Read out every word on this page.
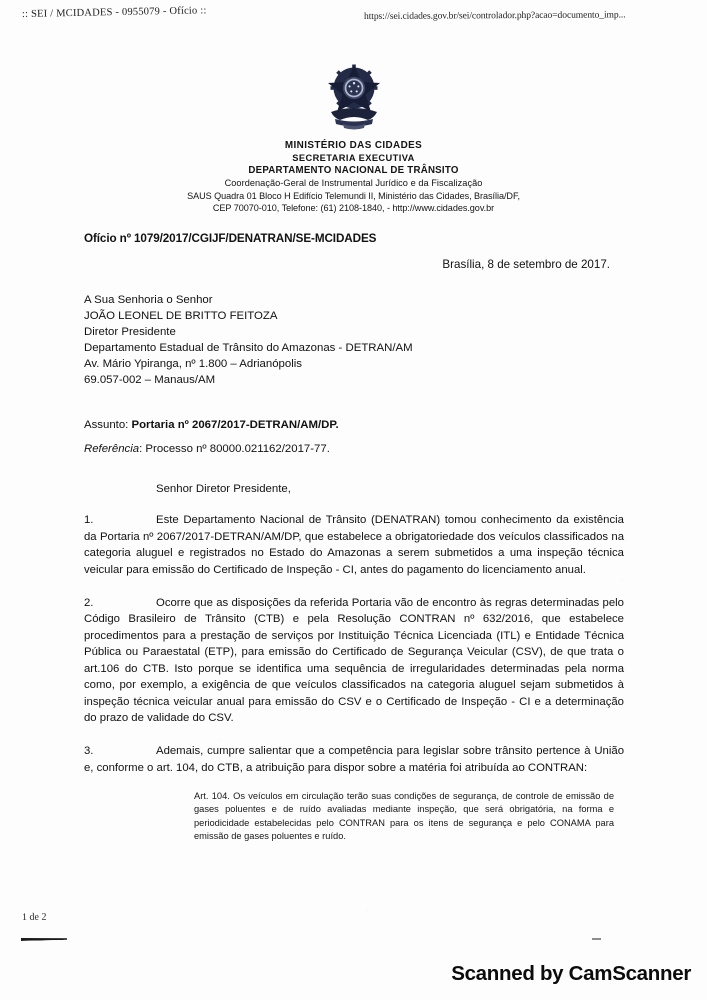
:: SEI / MCIDADES - 0955079 - Ofício ::	https://sei.cidades.gov.br/sei/controlador.php?acao=documento_imp...
MINISTÉRIO DAS CIDADES
SECRETARIA EXECUTIVA
DEPARTAMENTO NACIONAL DE TRÂNSITO
Coordenação-Geral de Instrumental Jurídico e da Fiscalização
SAUS Quadra 01 Bloco H Edifício Telemundi II, Ministério das Cidades, Brasília/DF,
CEP 70070-010, Telefone: (61) 2108-1840, - http://www.cidades.gov.br
Ofício nº 1079/2017/CGIJF/DENATRAN/SE-MCIDADES
Brasília, 8 de setembro de 2017.
A Sua Senhoria o Senhor
JOÃO LEONEL DE BRITTO FEITOZA
Diretor Presidente
Departamento Estadual de Trânsito do Amazonas - DETRAN/AM
Av. Mário Ypiranga, nº 1.800 – Adrianópolis
69.057-002 – Manaus/AM
Assunto: Portaria nº 2067/2017-DETRAN/AM/DP.
Referência: Processo nº 80000.021162/2017-77.
Senhor Diretor Presidente,
1.	Este Departamento Nacional de Trânsito (DENATRAN) tomou conhecimento da existência da Portaria nº 2067/2017-DETRAN/AM/DP, que estabelece a obrigatoriedade dos veículos classificados na categoria aluguel e registrados no Estado do Amazonas a serem submetidos a uma inspeção técnica veicular para emissão do Certificado de Inspeção - CI, antes do pagamento do licenciamento anual.
2.	Ocorre que as disposições da referida Portaria vão de encontro às regras determinadas pelo Código Brasileiro de Trânsito (CTB) e pela Resolução CONTRAN nº 632/2016, que estabelece procedimentos para a prestação de serviços por Instituição Técnica Licenciada (ITL) e Entidade Técnica Pública ou Paraestatal (ETP), para emissão do Certificado de Segurança Veicular (CSV), de que trata o art.106 do CTB. Isto porque se identifica uma sequência de irregularidades determinadas pela norma como, por exemplo, a exigência de que veículos classificados na categoria aluguel sejam submetidos à inspeção técnica veicular anual para emissão do CSV e o Certificado de Inspeção - CI e a determinação do prazo de validade do CSV.
3.	Ademais, cumpre salientar que a competência para legislar sobre trânsito pertence à União e, conforme o art. 104, do CTB, a atribuição para dispor sobre a matéria foi atribuída ao CONTRAN:
Art. 104. Os veículos em circulação terão suas condições de segurança, de controle de emissão de gases poluentes e de ruído avaliadas mediante inspeção, que será obrigatória, na forma e periodicidade estabelecidas pelo CONTRAN para os itens de segurança e pelo CONAMA para emissão de gases poluentes e ruído.
1 de 2
Scanned by CamScanner
